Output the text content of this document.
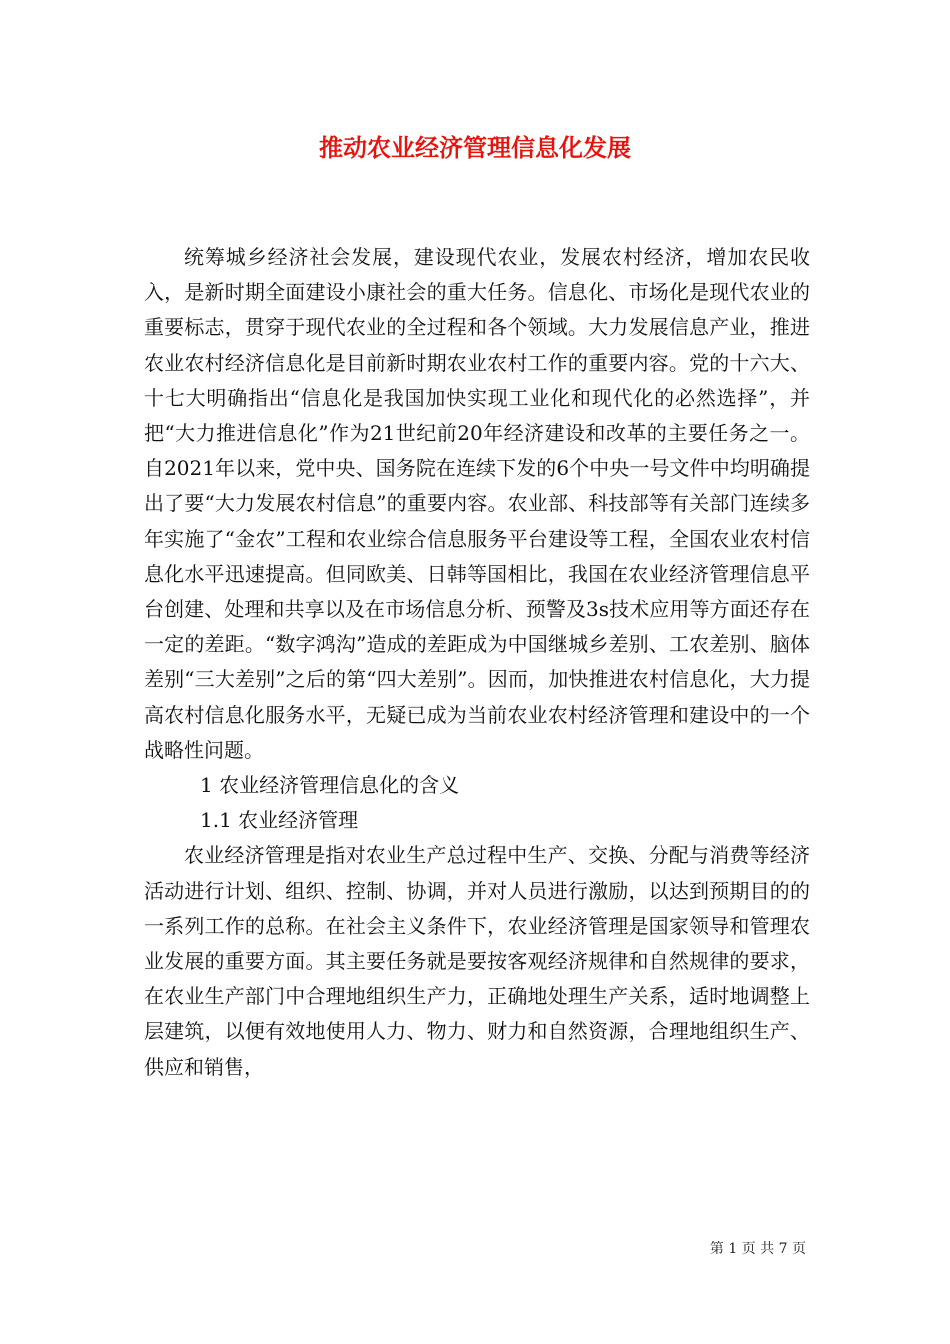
推动农业经济管理信息化发展

统筹城乡经济社会发展，建设现代农业，发展农村经济，增加农民收入，是新时期全面建设小康社会的重大任务。信息化、市场化是现代农业的重要标志，贯穿于现代农业的全过程和各个领域。大力发展信息产业，推进农业农村经济信息化是目前新时期农业农村工作的重要内容。党的十六大、十七大明确指出“信息化是我国加快实现工业化和现代化的必然选择”，并把“大力推进信息化”作为21世纪前20年经济建设和改革的主要任务之一。自2021年以来，党中央、国务院在连续下发的6个中央一号文件中均明确提出了要“大力发展农村信息”的重要内容。农业部、科技部等有关部门连续多年实施了“金农”工程和农业综合信息服务平台建设等工程，全国农业农村信息化水平迅速提高。但同欧美、日韩等国相比，我国在农业经济管理信息平台创建、处理和共享以及在市场信息分析、预警及3s技术应用等方面还存在一定的差距。“数字鸿沟”造成的差距成为中国继城乡差别、工农差别、脑体差别“三大差别”之后的第“四大差别”。因而，加快推进农村信息化，大力提高农村信息化服务水平，无疑已成为当前农业农村经济管理和建设中的一个战略性问题。

1 农业经济管理信息化的含义

1.1 农业经济管理

农业经济管理是指对农业生产总过程中生产、交换、分配与消费等经济活动进行计划、组织、控制、协调，并对人员进行激励，以达到预期目的的一系列工作的总称。在社会主义条件下，农业经济管理是国家领导和管理农业发展的重要方面。其主要任务就是要按客观经济规律和自然规律的要求，在农业生产部门中合理地组织生产力，正确地处理生产关系，适时地调整上层建筑，以便有效地使用人力、物力、财力和自然资源，合理地组织生产、供应和销售，

第 1 页 共 7 页
